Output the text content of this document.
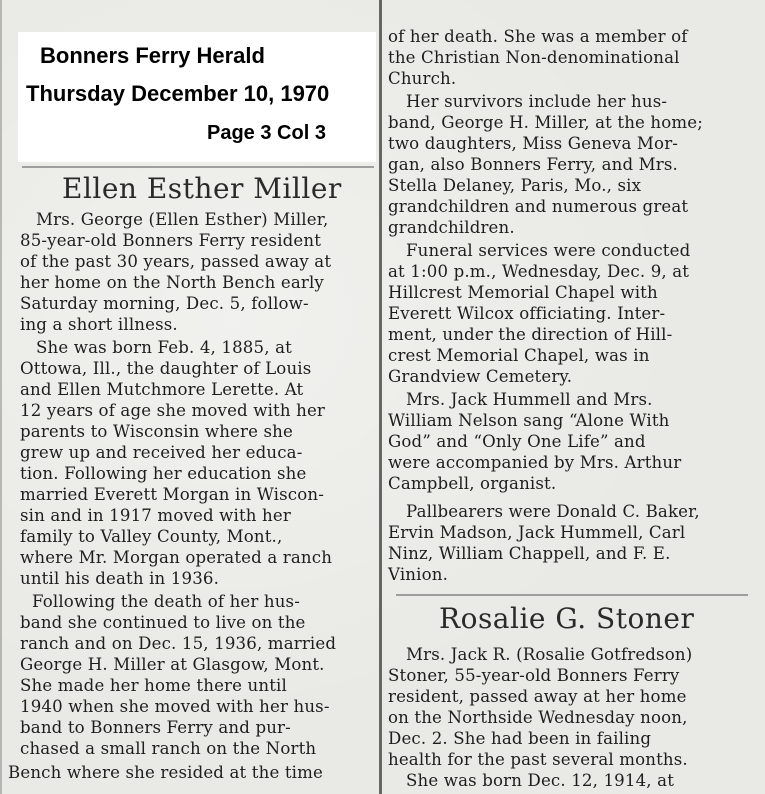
Bonners Ferry Herald
Thursday December 10, 1970
Page 3 Col 3
Ellen Esther Miller
Mrs. George (Ellen Esther) Miller,
85-year-old Bonners Ferry resident
of the past 30 years, passed away at
her home on the North Bench early
Saturday morning, Dec. 5, follow-
ing a short illness.
She was born Feb. 4, 1885, at
Ottowa, Ill., the daughter of Louis
and Ellen Mutchmore Lerette. At
12 years of age she moved with her
parents to Wisconsin where she
grew up and received her educa-
tion. Following her education she
married Everett Morgan in Wiscon-
sin and in 1917 moved with her
family to Valley County, Mont.,
where Mr. Morgan operated a ranch
until his death in 1936.
Following the death of her hus-
band she continued to live on the
ranch and on Dec. 15, 1936, married
George H. Miller at Glasgow, Mont.
She made her home there until
1940 when she moved with her hus-
band to Bonners Ferry and pur-
chased a small ranch on the North
Bench where she resided at the time
of her death. She was a member of
the Christian Non-denominational
Church.
Her survivors include her hus-
band, George H. Miller, at the home;
two daughters, Miss Geneva Mor-
gan, also Bonners Ferry, and Mrs.
Stella Delaney, Paris, Mo., six
grandchildren and numerous great
grandchildren.
Funeral services were conducted
at 1:00 p.m., Wednesday, Dec. 9, at
Hillcrest Memorial Chapel with
Everett Wilcox officiating. Inter-
ment, under the direction of Hill-
crest Memorial Chapel, was in
Grandview Cemetery.
Mrs. Jack Hummell and Mrs.
William Nelson sang “Alone With
God” and “Only One Life” and
were accompanied by Mrs. Arthur
Campbell, organist.
Pallbearers were Donald C. Baker,
Ervin Madson, Jack Hummell, Carl
Ninz, William Chappell, and F. E.
Vinion.
Rosalie G. Stoner
Mrs. Jack R. (Rosalie Gotfredson)
Stoner, 55-year-old Bonners Ferry
resident, passed away at her home
on the Northside Wednesday noon,
Dec. 2. She had been in failing
health for the past several months.
She was born Dec. 12, 1914, at
